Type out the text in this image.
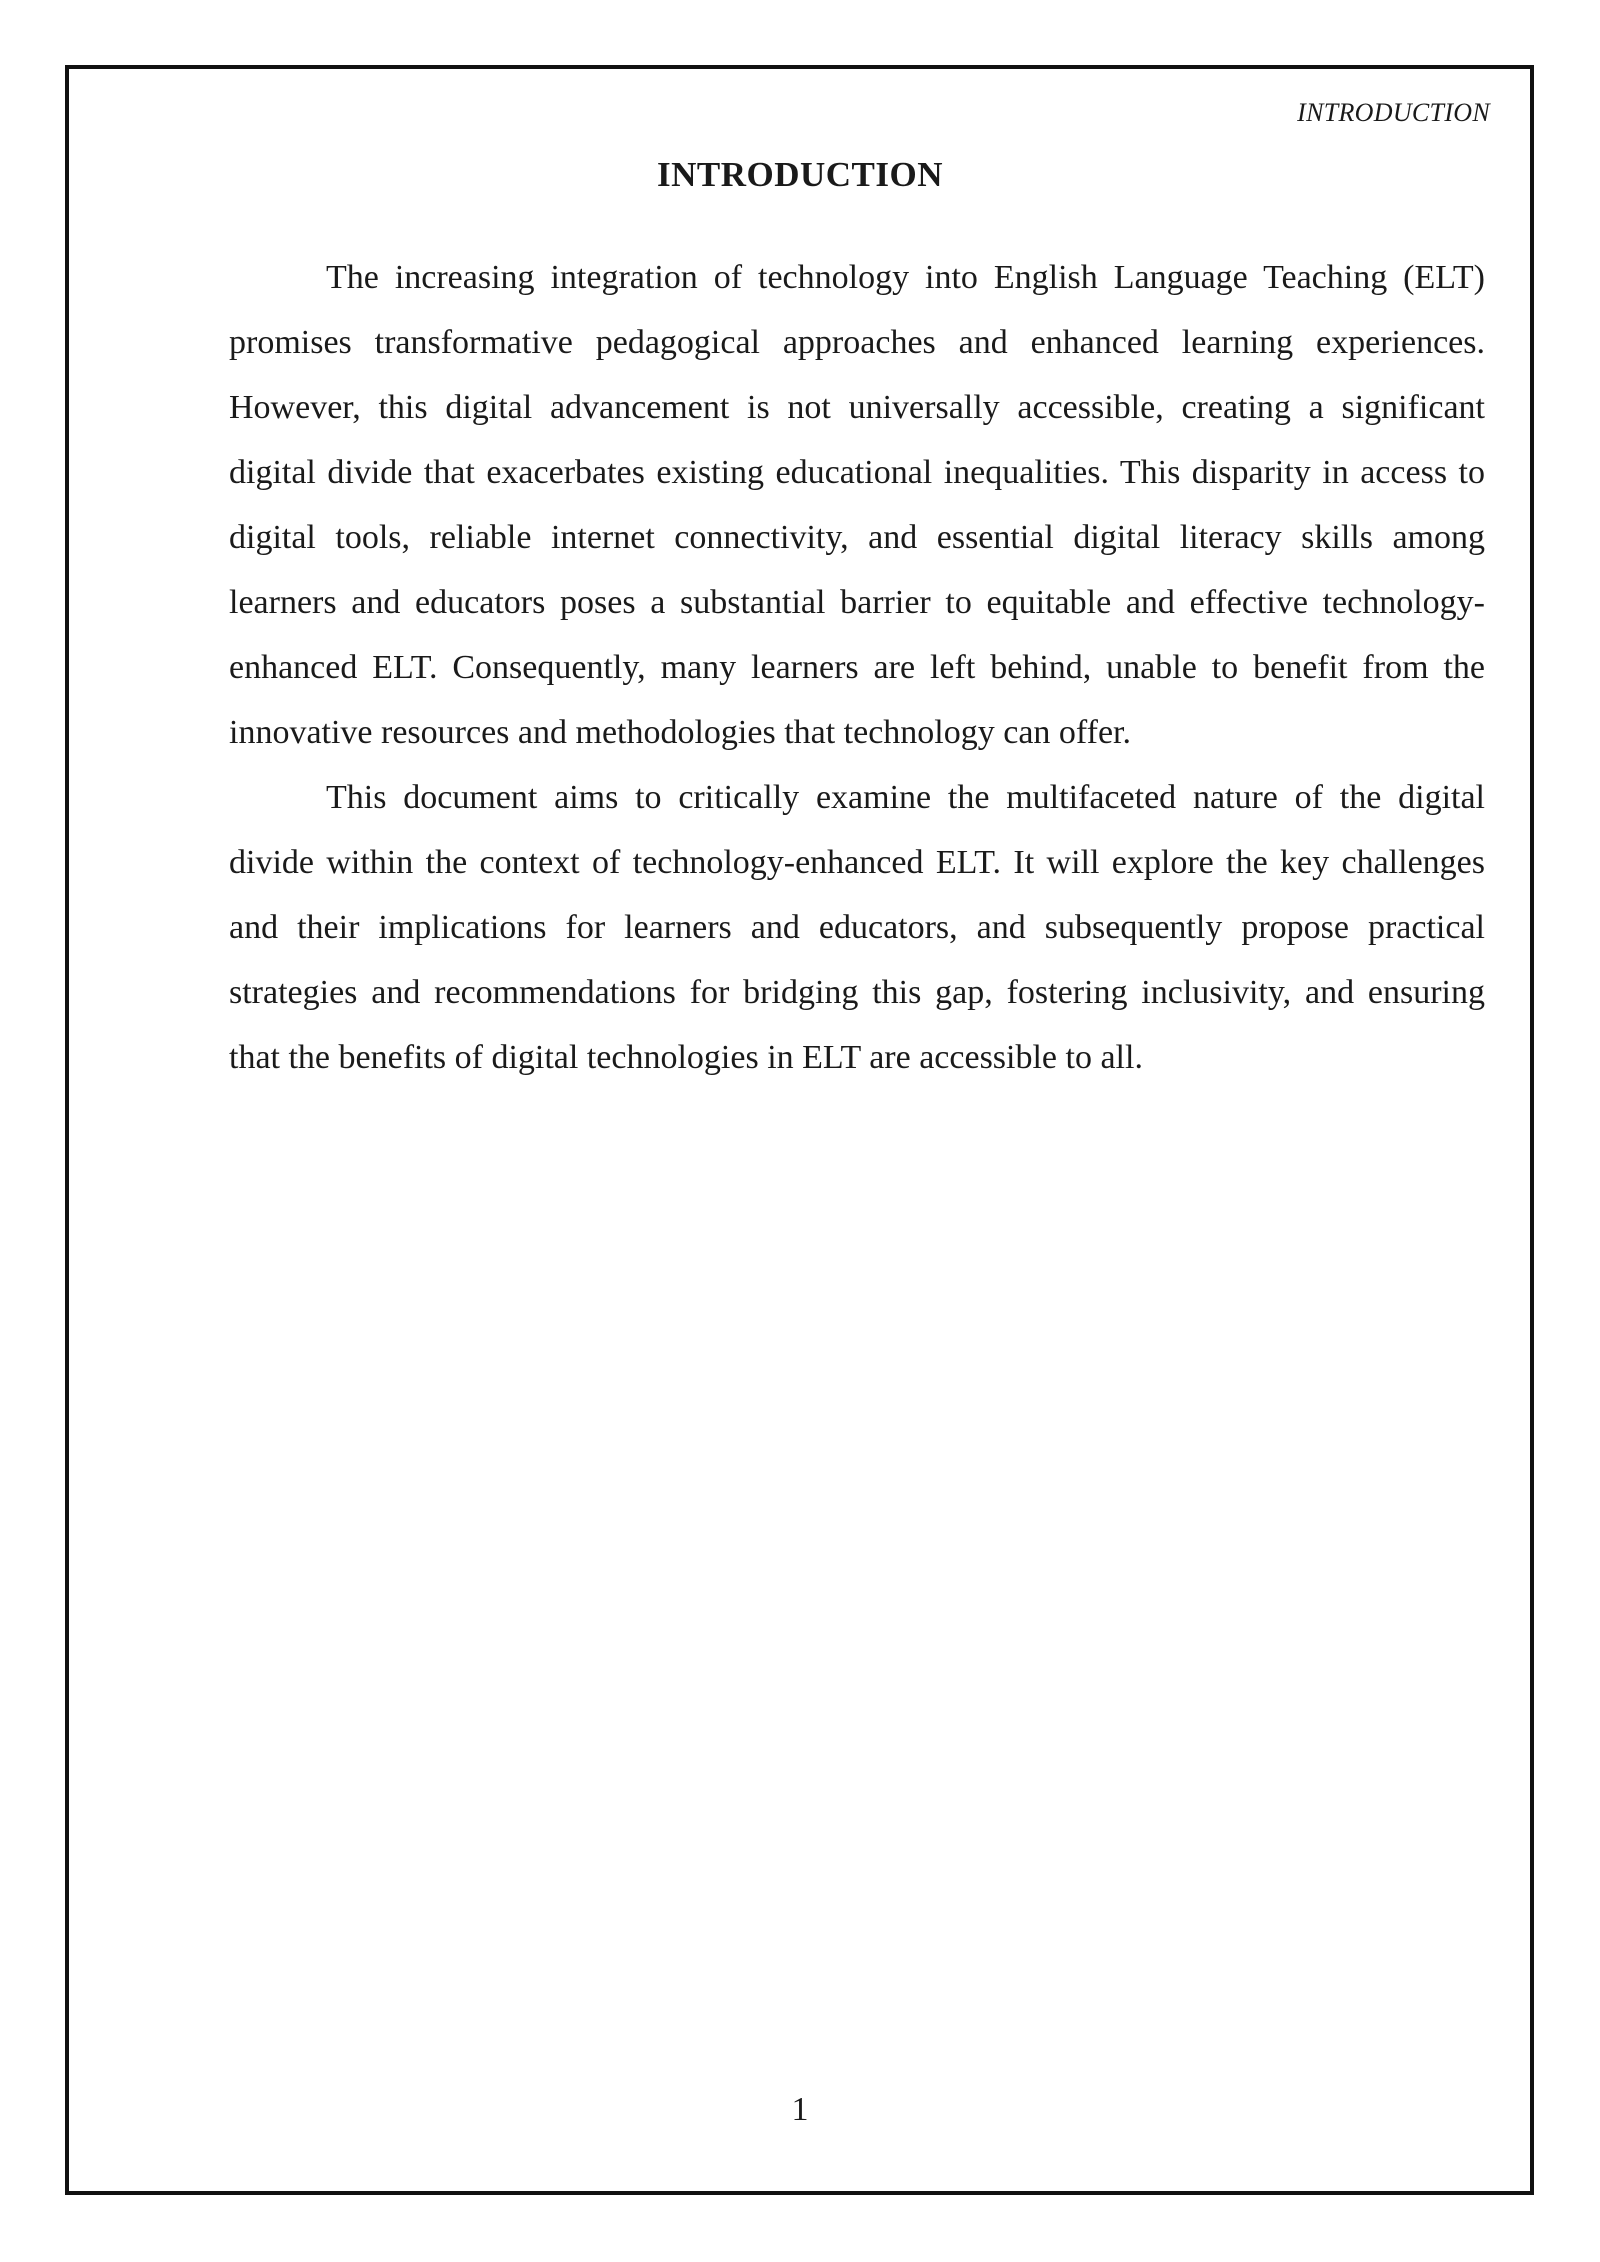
INTRODUCTION
INTRODUCTION

The increasing integration of technology into English Language Teaching (ELT) promises transformative pedagogical approaches and enhanced learning experiences. However, this digital advancement is not universally accessible, creating a significant digital divide that exacerbates existing educational inequalities. This disparity in access to digital tools, reliable internet connectivity, and essential digital literacy skills among learners and educators poses a substantial barrier to equitable and effective technology-enhanced ELT. Consequently, many learners are left behind, unable to benefit from the innovative resources and methodologies that technology can offer.

This document aims to critically examine the multifaceted nature of the digital divide within the context of technology-enhanced ELT. It will explore the key challenges and their implications for learners and educators, and subsequently propose practical strategies and recommendations for bridging this gap, fostering inclusivity, and ensuring that the benefits of digital technologies in ELT are accessible to all.

1
